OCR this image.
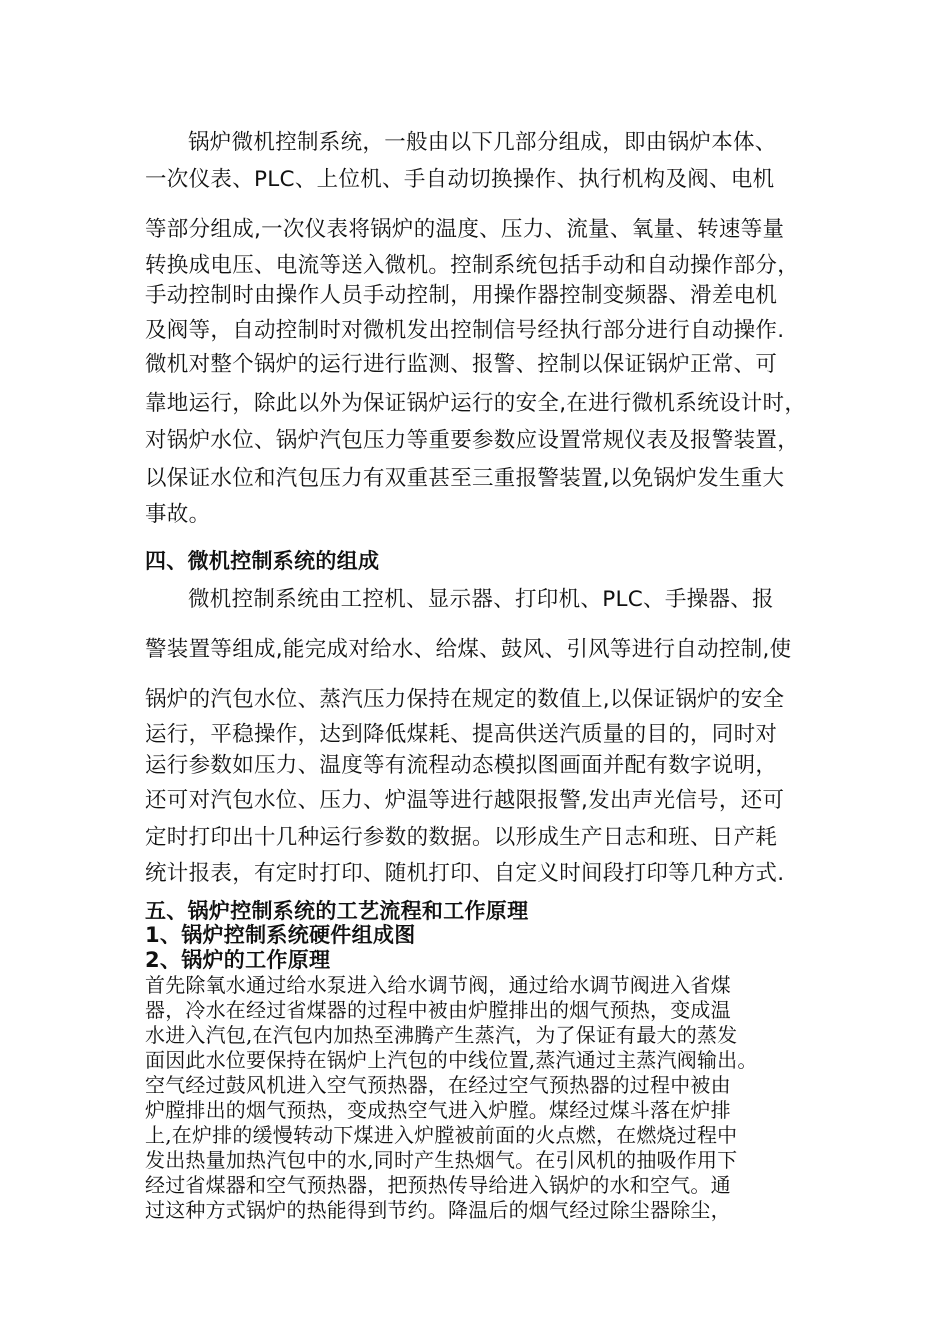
锅炉微机控制系统，一般由以下几部分组成，即由锅炉本体、
一次仪表、PLC、上位机、手自动切换操作、执行机构及阀、电机
等部分组成,一次仪表将锅炉的温度、压力、流量、氧量、转速等量
转换成电压、电流等送入微机。控制系统包括手动和自动操作部分，
手动控制时由操作人员手动控制，用操作器控制变频器、滑差电机
及阀等，自动控制时对微机发出控制信号经执行部分进行自动操作.
微机对整个锅炉的运行进行监测、报警、控制以保证锅炉正常、可
靠地运行，除此以外为保证锅炉运行的安全,在进行微机系统设计时，
对锅炉水位、锅炉汽包压力等重要参数应设置常规仪表及报警装置，
以保证水位和汽包压力有双重甚至三重报警装置,以免锅炉发生重大
事故。
四、微机控制系统的组成
微机控制系统由工控机、显示器、打印机、PLC、手操器、报
警装置等组成,能完成对给水、给煤、鼓风、引风等进行自动控制,使
锅炉的汽包水位、蒸汽压力保持在规定的数值上,以保证锅炉的安全
运行，平稳操作，达到降低煤耗、提高供送汽质量的目的，同时对
运行参数如压力、温度等有流程动态模拟图画面并配有数字说明，
还可对汽包水位、压力、炉温等进行越限报警,发出声光信号，还可
定时打印出十几种运行参数的数据。以形成生产日志和班、日产耗
统计报表，有定时打印、随机打印、自定义时间段打印等几种方式.
五、锅炉控制系统的工艺流程和工作原理
1、锅炉控制系统硬件组成图
2、锅炉的工作原理
首先除氧水通过给水泵进入给水调节阀，通过给水调节阀进入省煤
器，冷水在经过省煤器的过程中被由炉膛排出的烟气预热，变成温
水进入汽包,在汽包内加热至沸腾产生蒸汽，为了保证有最大的蒸发
面因此水位要保持在锅炉上汽包的中线位置,蒸汽通过主蒸汽阀输出。
空气经过鼓风机进入空气预热器，在经过空气预热器的过程中被由
炉膛排出的烟气预热，变成热空气进入炉膛。煤经过煤斗落在炉排
上,在炉排的缓慢转动下煤进入炉膛被前面的火点燃，在燃烧过程中
发出热量加热汽包中的水,同时产生热烟气。在引风机的抽吸作用下
经过省煤器和空气预热器，把预热传导给进入锅炉的水和空气。通
过这种方式锅炉的热能得到节约。降温后的烟气经过除尘器除尘，
